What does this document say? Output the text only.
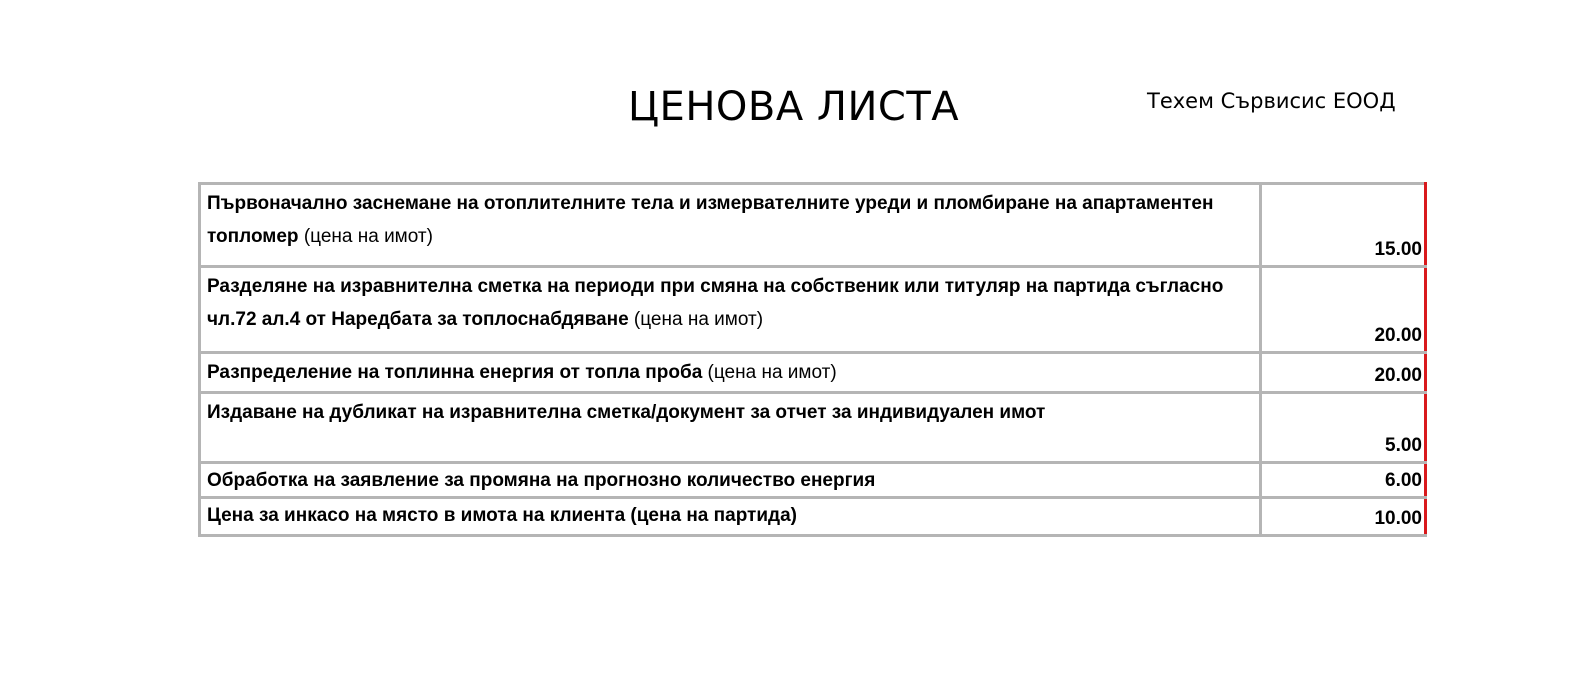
ЦЕНОВА ЛИСТА	Техем Сървисис ЕООД
Първоначално заснемане на отоплителните тела и измервателните уреди и пломбиране на апартаментен топломер (цена на имот)	15.00
Разделяне на изравнителна сметка на периоди при смяна на собственик или титуляр на партида съгласно чл.72 ал.4 от Наредбата за топлоснабдяване (цена на имот)	20.00
Разпределение на топлинна енергия от топла проба (цена на имот)	20.00
Издаване на дубликат на изравнителна сметка/документ за отчет за индивидуален имот	5.00
Обработка на заявление за промяна на прогнозно количество енергия	6.00
Цена за инкасо на място в имота на клиента (цена на партида)	10.00
